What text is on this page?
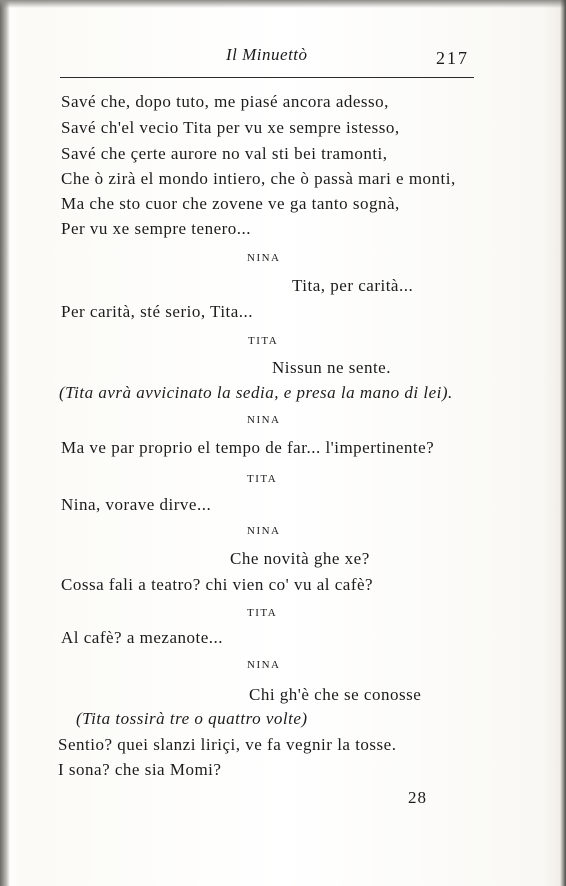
Il Minuettò	217
Savé che, dopo tuto, me piasé ancora adesso,
Savé ch'el vecio Tita per vu xe sempre istesso,
Savé che çerte aurore no val sti bei tramonti,
Che ò zirà el mondo intiero, che ò passà mari e monti,
Ma che sto cuor che zovene ve ga tanto sognà,
Per vu xe sempre tenero...
NINA
Tita, per carità...
Per carità, sté serio, Tita...
TITA
Nissun ne sente.
(Tita avrà avvicinato la sedia, e presa la mano di lei).
NINA
Ma ve par proprio el tempo de far... l'impertinente?
TITA
Nina, vorave dirve...
NINA
Che novità ghe xe?
Cossa fali a teatro? chi vien co' vu al cafè?
TITA
Al cafè? a mezanote...
NINA
Chi gh'è che se conosse
(Tita tossirà tre o quattro volte)
Sentio? quei slanzi liriçi, ve fa vegnir la tosse.
I sona? che sia Momi?
28
